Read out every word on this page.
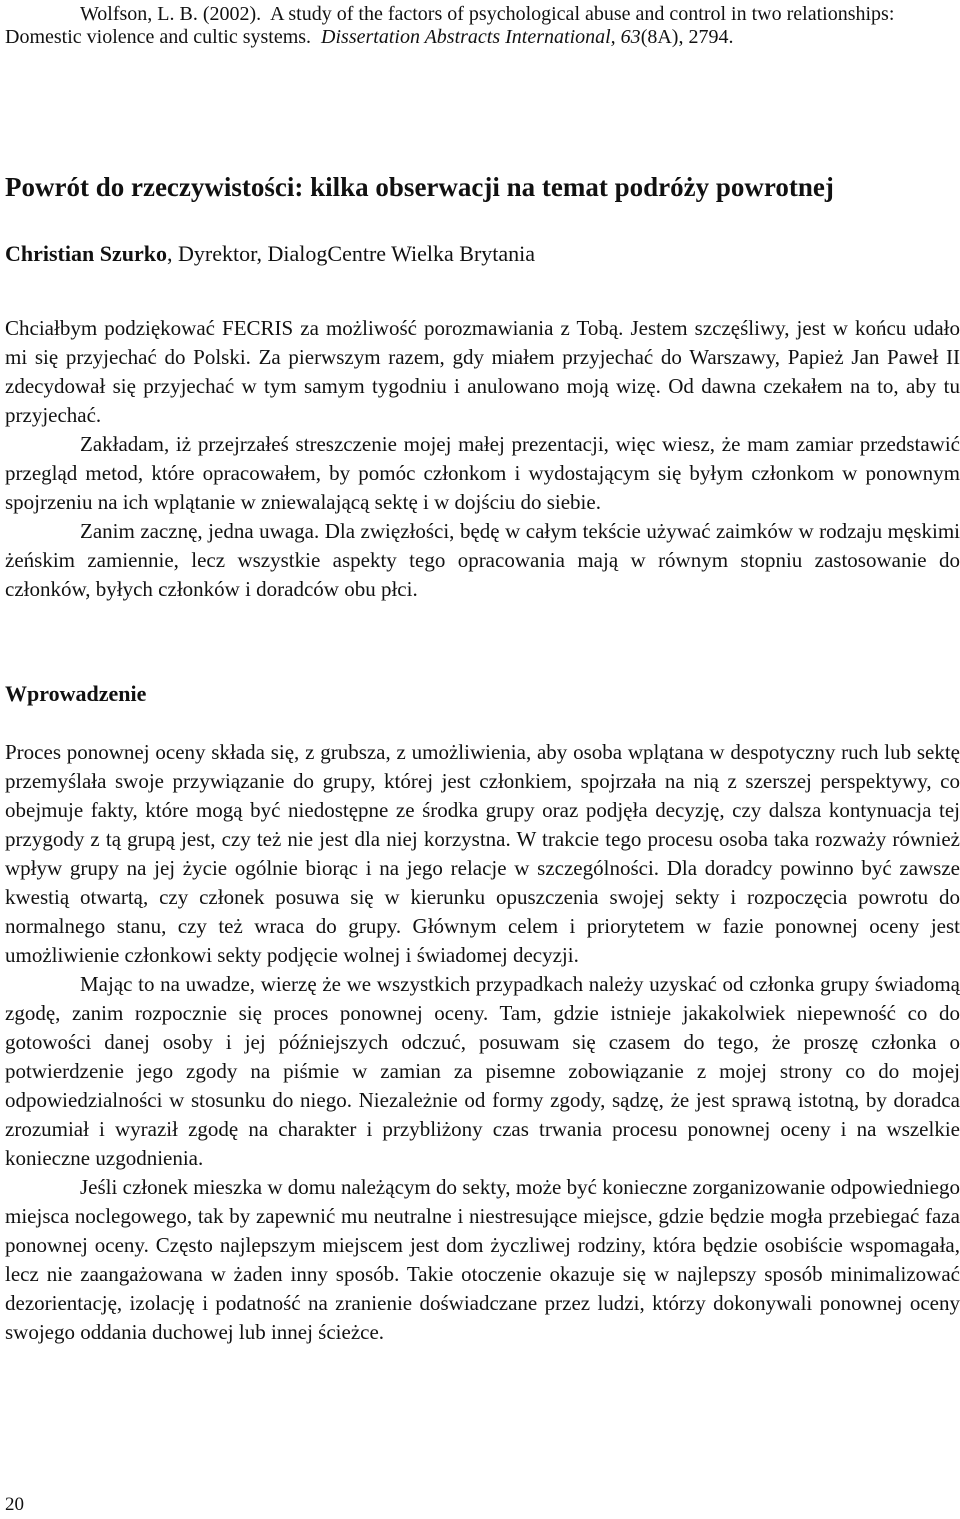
Wolfson, L. B. (2002). A study of the factors of psychological abuse and control in two relationships: Domestic violence and cultic systems. Dissertation Abstracts International, 63(8A), 2794.

Powrót do rzeczywistości: kilka obserwacji na temat podróży powrotnej

Christian Szurko, Dyrektor, DialogCentre Wielka Brytania

Chciałbym podziękować FECRIS za możliwość porozmawiania z Tobą. Jestem szczęśliwy, jest w końcu udało mi się przyjechać do Polski. Za pierwszym razem, gdy miałem przyjechać do Warszawy, Papież Jan Paweł II zdecydował się przyjechać w tym samym tygodniu i anulowano moją wizę. Od dawna czekałem na to, aby tu przyjechać.

Zakładam, iż przejrzałeś streszczenie mojej małej prezentacji, więc wiesz, że mam zamiar przedstawić przegląd metod, które opracowałem, by pomóc członkom i wydostającym się byłym członkom w ponownym spojrzeniu na ich wplątanie w zniewalającą sektę i w dojściu do siebie.

Zanim zacznę, jedna uwaga. Dla zwięzłości, będę w całym tekście używać zaimków w rodzaju męskimi żeńskim zamiennie, lecz wszystkie aspekty tego opracowania mają w równym stopniu zastosowanie do członków, byłych członków i doradców obu płci.

Wprowadzenie

Proces ponownej oceny składa się, z grubsza, z umożliwienia, aby osoba wplątana w despotyczny ruch lub sektę przemyślała swoje przywiązanie do grupy, której jest członkiem, spojrzała na nią z szerszej perspektywy, co obejmuje fakty, które mogą być niedostępne ze środka grupy oraz podjęła decyzję, czy dalsza kontynuacja tej przygody z tą grupą jest, czy też nie jest dla niej korzystna. W trakcie tego procesu osoba taka rozważy również wpływ grupy na jej życie ogólnie biorąc i na jego relacje w szczególności. Dla doradcy powinno być zawsze kwestią otwartą, czy członek posuwa się w kierunku opuszczenia swojej sekty i rozpoczęcia powrotu do normalnego stanu, czy też wraca do grupy. Głównym celem i priorytetem w fazie ponownej oceny jest umożliwienie członkowi sekty podjęcie wolnej i świadomej decyzji.

Mając to na uwadze, wierzę że we wszystkich przypadkach należy uzyskać od członka grupy świadomą zgodę, zanim rozpocznie się proces ponownej oceny. Tam, gdzie istnieje jakakolwiek niepewność co do gotowości danej osoby i jej późniejszych odczuć, posuwam się czasem do tego, że proszę członka o potwierdzenie jego zgody na piśmie w zamian za pisemne zobowiązanie z mojej strony co do mojej odpowiedzialności w stosunku do niego. Niezależnie od formy zgody, sądzę, że jest sprawą istotną, by doradca zrozumiał i wyraził zgodę na charakter i przybliżony czas trwania procesu ponownej oceny i na wszelkie konieczne uzgodnienia.

Jeśli członek mieszka w domu należącym do sekty, może być konieczne zorganizowanie odpowiedniego miejsca noclegowego, tak by zapewnić mu neutralne i niestresujące miejsce, gdzie będzie mogła przebiegać faza ponownej oceny. Często najlepszym miejscem jest dom życzliwej rodziny, która będzie osobiście wspomagała, lecz nie zaangażowana w żaden inny sposób. Takie otoczenie okazuje się w najlepszy sposób minimalizować dezorientację, izolację i podatność na zranienie doświadczane przez ludzi, którzy dokonywali ponownej oceny swojego oddania duchowej lub innej ścieżce.

20
